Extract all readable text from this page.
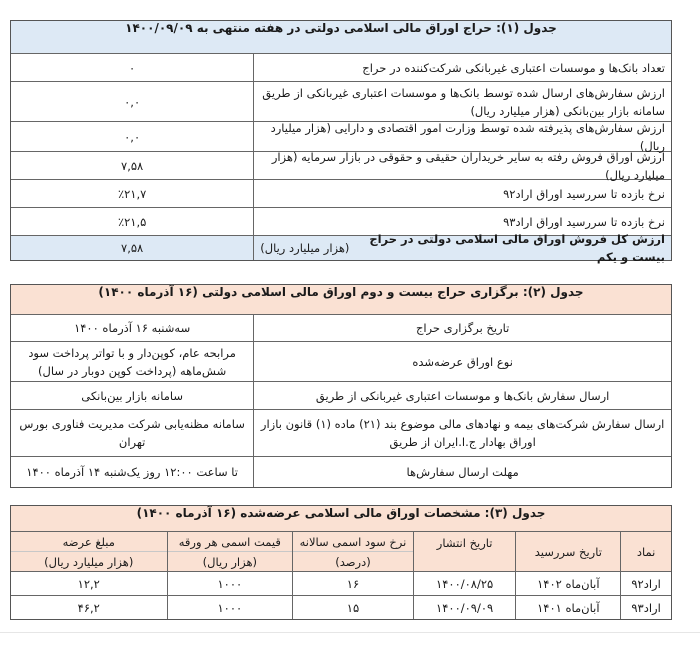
جدول (۱): حراج اوراق مالی اسلامی دولتی در هفته منتهی به ۱۴۰۰/۰۹/۰۹
تعداد بانک‌ها و موسسات اعتباری غیربانکی شرکت‌کننده در حراج
۰
ارزش سفارش‌های ارسال شده توسط بانک‌ها و موسسات اعتباری غیربانکی از طریق سامانه بازار بین‌بانکی (هزار میلیارد ریال)
۰,۰
ارزش سفارش‌های پذیرفته شده توسط وزارت امور اقتصادی و دارایی (هزار میلیارد ریال)
۰,۰
ارزش اوراق فروش رفته به سایر خریداران حقیقی و حقوقی در بازار سرمایه (هزار میلیارد ریال)
۷,۵۸
نرخ بازده تا سررسید اوراق اراد۹۲
٪۲۱,۷
نرخ بازده تا سررسید اوراق اراد۹۳
٪۲۱,۵
ارزش کل فروش اوراق مالی اسلامی دولتی در حراج بیست و یکم
(هزار میلیارد ریال)
۷,۵۸
جدول (۲): برگزاری حراج بیست و دوم اوراق مالی اسلامی دولتی (۱۶ آذرماه ۱۴۰۰)
تاریخ برگزاری حراج
سه‌شنبه ۱۶ آذرماه ۱۴۰۰
نوع اوراق عرضه‌شده
مرابحه عام، کوپن‌دار و با تواتر پرداخت سود شش‌ماهه (پرداخت کوپن دوبار در سال)
ارسال سفارش بانک‌ها و موسسات اعتباری غیربانکی از طریق
سامانه بازار بین‌بانکی
ارسال سفارش شرکت‌های بیمه و نهادهای مالی موضوع بند (۲۱) ماده (۱) قانون بازار اوراق بهادار ج.ا.ایران از طریق
سامانه مظنه‌یابی شرکت مدیریت فناوری بورس تهران
مهلت ارسال سفارش‌ها
تا ساعت ۱۲:۰۰ روز یک‌شنبه ۱۴ آذرماه ۱۴۰۰
جدول (۳): مشخصات اوراق مالی اسلامی عرضه‌شده (۱۶ آذرماه ۱۴۰۰)
نماد
تاریخ سررسید
تاریخ انتشار
نرخ سود اسمی سالانه
(درصد)
قیمت اسمی هر ورقه
(هزار ریال)
مبلغ عرضه
(هزار میلیارد ریال)
اراد۹۲
آبان‌ماه ۱۴۰۲
۱۴۰۰/۰۸/۲۵
۱۶
۱۰۰۰
۱۲,۲
اراد۹۳
آبان‌ماه ۱۴۰۱
۱۴۰۰/۰۹/۰۹
۱۵
۱۰۰۰
۴۶,۲
